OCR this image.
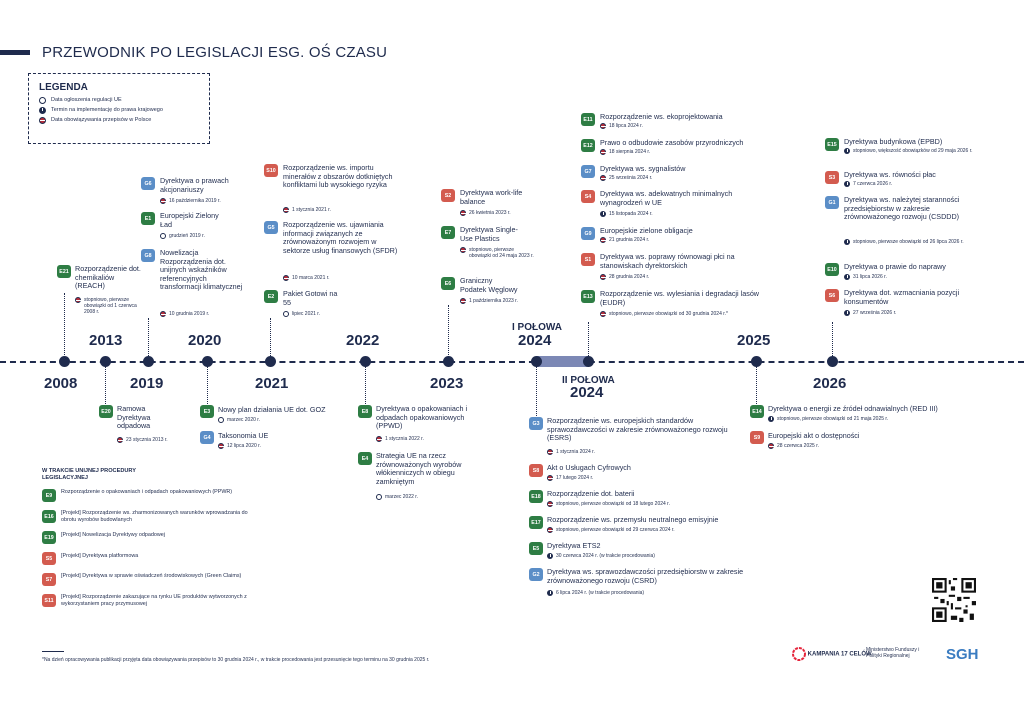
PRZEWODNIK PO LEGISLACJI ESG. OŚ CZASU
LEGENDA
Data ogłoszenia regulacji UE
Termin na implementację do prawa krajowego
Data obowiązywania przepisów w Polsce
2008
2013
2019
2020
2021
2022
2023
I POŁOWA
2024
II POŁOWA
2024
2025
2026
E21 Rozporządzenie dot. chemikaliów (REACH)
stopniowo, pierwsze obowiązki od 1 czerwca 2008 r.
E20 Ramowa Dyrektywa odpadowa
23 stycznia 2013 r.
G6	Dyrektywa o prawach akcjonariuszy
16 października 2019 r.
E1	Europejski Zielony Ład
grudzień 2019 r.
G8	Nowelizacja Rozporządzenia dot. unijnych wskaźników referencyjnych transformacji klimatycznej
10 grudnia 2019 r.
E3	Nowy plan działania UE dot. GOZ
marzec 2020 r.
G4	Taksonomia UE
12 lipca 2020 r.
S10	Rozporządzenie ws. importu minerałów z obszarów dotkniętych konfliktami lub wysokiego ryzyka
1 stycznia 2021 r.
G5	Rozporządzenie ws. ujawniania informacji związanych ze zrównoważonym rozwojem w sektorze usług finansowych (SFDR)
10 marca 2021 r.
E2	Pakiet Gotowi na 55
lipiec 2021 r.
E8	Dyrektywa o opakowaniach i odpadach opakowaniowych (PPWD)
1 stycznia 2022 r.
E4	Strategia UE na rzecz zrównoważonych wyrobów włókienniczych w obiegu zamkniętym
marzec 2022 r.
S2	Dyrektywa work-life balance
26 kwietnia 2023 r.
E7	Dyrektywa Single-Use Plastics
stopniowo, pierwsze obowiązki od 24 maja 2023 r.
E6	Graniczny Podatek Węglowy
1 października 2023 r.
E11	Rozporządzenie ws. ekoprojektowania
18 lipca 2024 r.
E12	Prawo o odbudowie zasobów przyrodniczych
18 sierpnia 2024 r.
G7	Dyrektywa ws. sygnalistów
25 września 2024 r.
S4	Dyrektywa ws. adekwatnych minimalnych wynagrodzeń w UE
15 listopada 2024 r.
G9	Europejskie zielone obligacje
21 grudnia 2024 r.
S1	Dyrektywa ws. poprawy równowagi płci na stanowiskach dyrektorskich
28 grudnia 2024 r.
E13	Rozporządzenie ws. wylesiania i degradacji lasów (EUDR)
stopniowo, pierwsze obowiązki od 30 grudnia 2024 r.*
G3	Rozporządzenie ws. europejskich standardów sprawozdawczości w zakresie zrównoważonego rozwoju (ESRS)
1 stycznia 2024 r.
S8	Akt o Usługach Cyfrowych
17 lutego 2024 r.
E18 Rozporządzenie dot. baterii
stopniowo, pierwsze obowiązki od 18 lutego 2024 r.
E17 Rozporządzenie ws. przemysłu neutralnego emisyjnie
stopniowo, pierwsze obowiązki od 29 czerwca 2024 r.
E5	Dyrektywa ETS2
30 czerwca 2024 r. (w trakcie procedowania)
G2	Dyrektywa ws. sprawozdawczości przedsiębiorstw w zakresie zrównoważonego rozwoju (CSRD)
6 lipca 2024 r. (w trakcie procedowania)
E14 Dyrektywa o energii ze źródeł odnawialnych (RED III)
stopniowo, pierwsze obowiązki od 21 maja 2025 r.
S9	Europejski akt o dostępności
28 czerwca 2025 r.
E15	Dyrektywa budynkowa (EPBD)
stopniowo, większość obowiązków od 29 maja 2026 r.
S3	Dyrektywa ws. równości płac
7 czerwca 2026 r.
G1	Dyrektywa ws. należytej staranności przedsiębiorstw w zakresie zrównoważonego rozwoju (CSDDD)
stopniowo, pierwsze obowiązki od 26 lipca 2026 r.
E10	Dyrektywa o prawie do naprawy
31 lipca 2026 r.
S6	Dyrektywa dot. wzmacniania pozycji konsumentów
27 września 2026 r.
W TRAKCIE UNIJNEJ PROCEDURY LEGISLACYJNEJ
E9
Rozporządzenie o opakowaniach i odpadach opakowaniowych (PPWR)
E16
[Projekt] Rozporządzenie ws. zharmonizowanych warunków wprowadzania do obrotu wyrobów budowlanych
E19	[Projekt] Nowelizacja Dyrektywy odpadowej
S5	[Projekt] Dyrektywa platformowa
S7
[Projekt] Dyrektywa w sprawie oświadczeń środowiskowych (Green Claims)
S11
[Projekt] Rozporządzenie zakazujące na rynku UE produktów wytworzonych z wykorzystaniem pracy przymusowej
*Na dzień opracowywania publikacji przyjęta data obowiązywania przepisów to 30 grudnia 2024 r., w trakcie procedowania jest przesunięcie tego terminu na 30 grudnia 2025 r.
KAMPANIA 17 CELÓW
Ministerstwo Funduszy i Polityki Regionalnej	SGH
